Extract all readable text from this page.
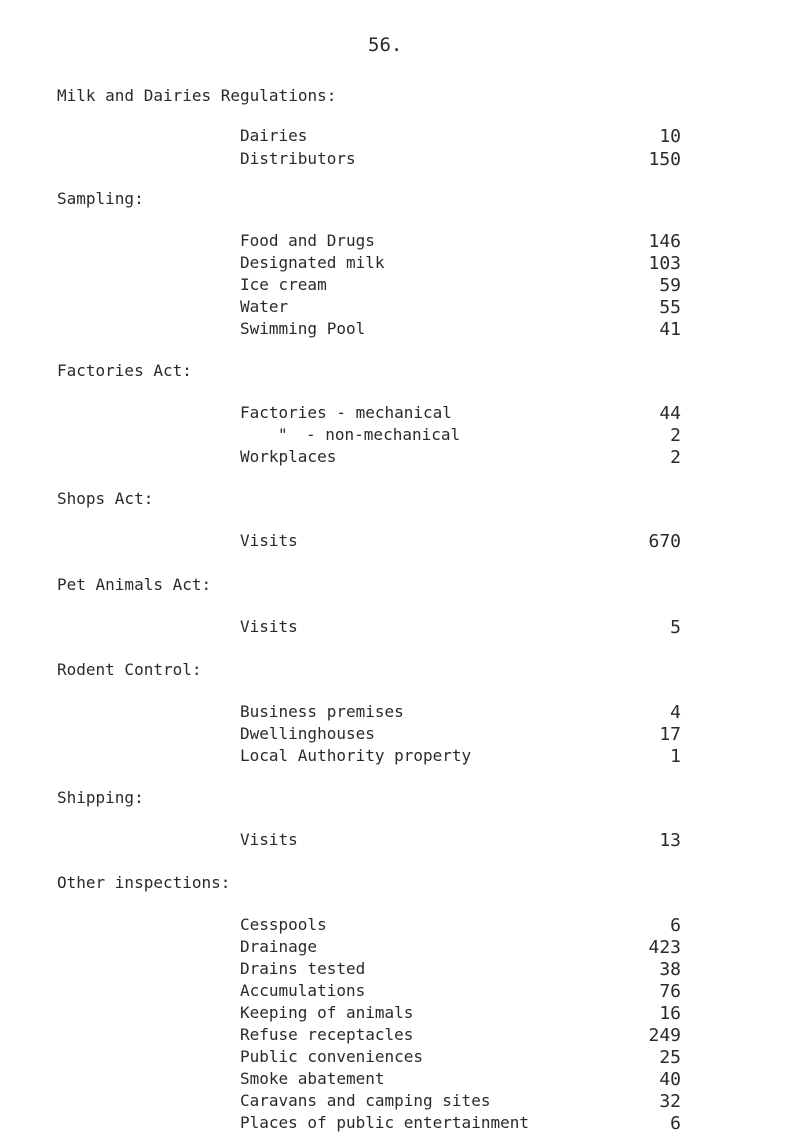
56.
Milk and Dairies Regulations:
Dairies	10
Distributors	150
Sampling:
Food and Drugs	146
Designated milk	103
Ice cream	59
Water	55
Swimming Pool	41
Factories Act:
Factories - mechanical	44
" - non-mechanical	2
Workplaces	2
Shops Act:
Visits	670
Pet Animals Act:
Visits	5
Rodent Control:
Business premises	4
Dwellinghouses	17
Local Authority property	1
Shipping:
Visits	13
Other inspections:
Cesspools	6
Drainage	423
Drains tested	38
Accumulations	76
Keeping of animals	16
Refuse receptacles	249
Public conveniences	25
Smoke abatement	40
Caravans and camping sites	32
Places of public entertainment	6
